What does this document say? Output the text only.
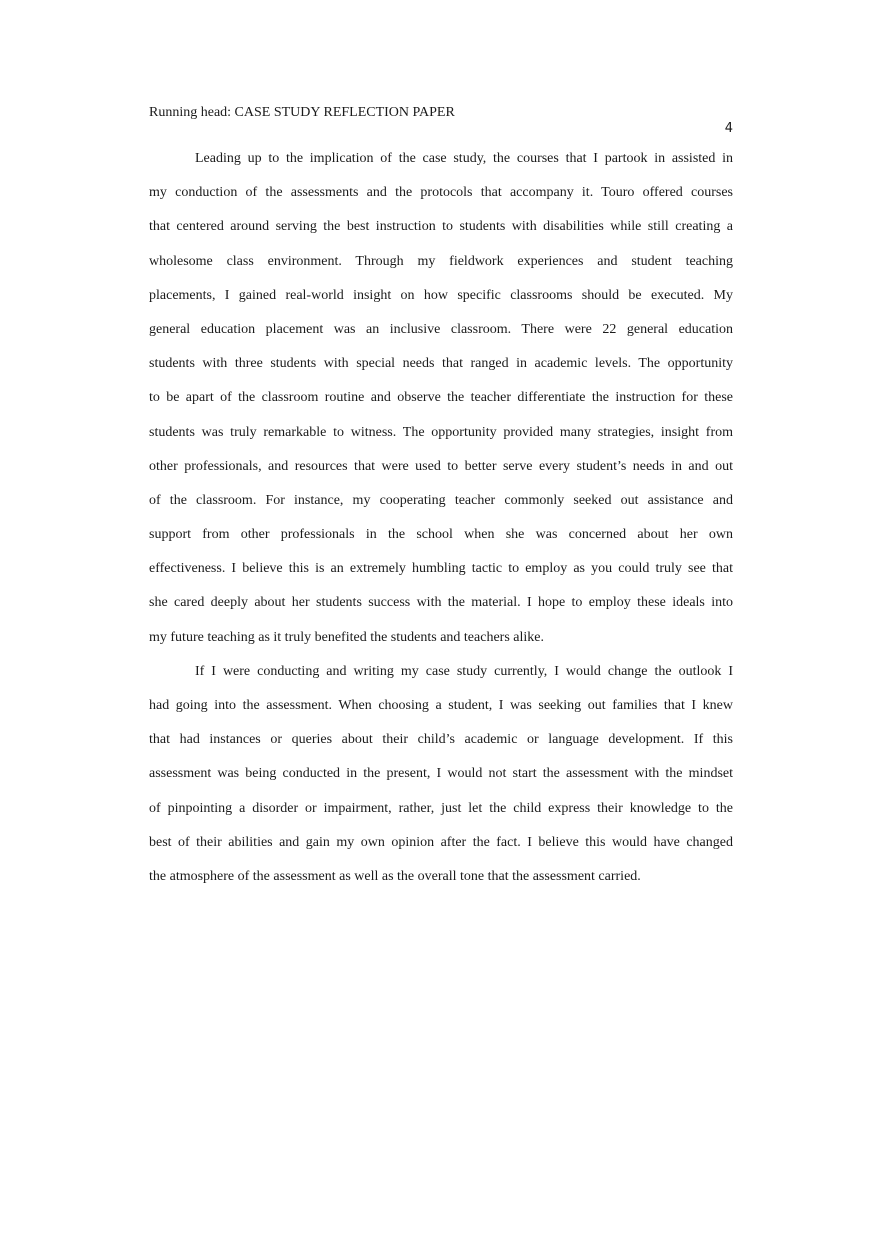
Running head: CASE STUDY REFLECTION PAPER
4

Leading up to the implication of the case study, the courses that I partook in assisted in
my conduction of the assessments and the protocols that accompany it. Touro offered courses
that centered around serving the best instruction to students with disabilities while still creating a
wholesome class environment. Through my fieldwork experiences and student teaching
placements, I gained real-world insight on how specific classrooms should be executed. My
general education placement was an inclusive classroom. There were 22 general education
students with three students with special needs that ranged in academic levels. The opportunity
to be apart of the classroom routine and observe the teacher differentiate the instruction for these
students was truly remarkable to witness. The opportunity provided many strategies, insight from
other professionals, and resources that were used to better serve every student’s needs in and out
of the classroom. For instance, my cooperating teacher commonly seeked out assistance and
support from other professionals in the school when she was concerned about her own
effectiveness. I believe this is an extremely humbling tactic to employ as you could truly see that
she cared deeply about her students success with the material. I hope to employ these ideals into
my future teaching as it truly benefited the students and teachers alike.

If I were conducting and writing my case study currently, I would change the outlook I
had going into the assessment. When choosing a student, I was seeking out families that I knew
that had instances or queries about their child’s academic or language development. If this
assessment was being conducted in the present, I would not start the assessment with the mindset
of pinpointing a disorder or impairment, rather, just let the child express their knowledge to the
best of their abilities and gain my own opinion after the fact. I believe this would have changed
the atmosphere of the assessment as well as the overall tone that the assessment carried.
